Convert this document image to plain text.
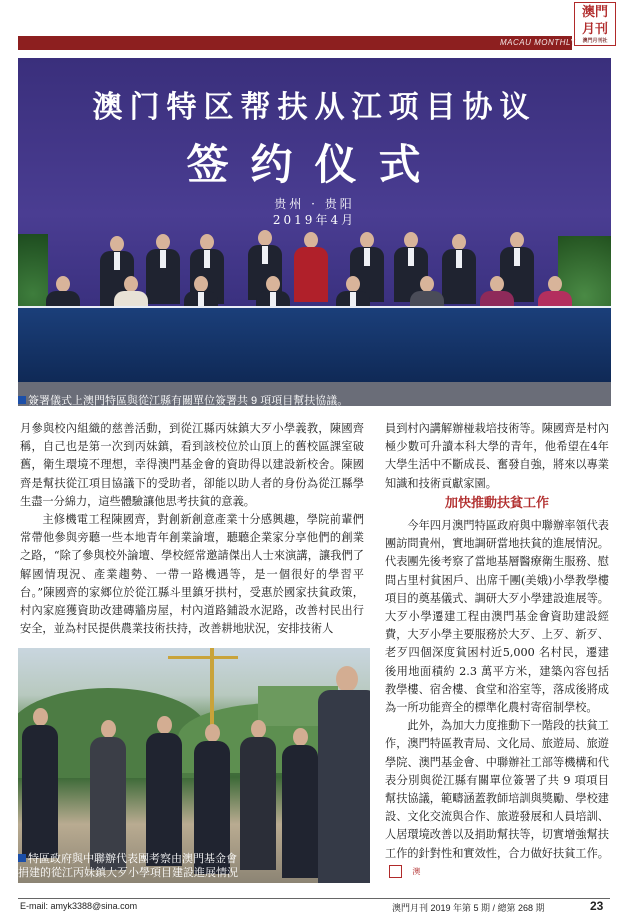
MACAU MONTHLY
澳門
月刊
澳門月刊社
澳门特区帮扶从江项目协议
签约仪式
贵州 · 贵阳
2019年4月
簽署儀式上澳門特區與從江縣有關單位簽署共 9 項項目幫扶協議。

月參與校內組織的慈善活動，到從江縣丙妹鎮大歹小學義教，陳國齊稱，自己也是第一次到丙妹鎮，看到該校位於山頂上的舊校區課室破舊，衛生環境不理想，幸得澳門基金會的資助得以建設新校舍。陳國齊是幫扶從江項目協議下的受助者，卻能以助人者的身份為從江縣學生盡一分綿力，這些體驗讓他思考扶貧的意義。

主修機電工程陳國齊，對創新創意產業十分感興趣，學院前輩們常帶他參與旁聽一些本地青年創業論壇，聽聽企業家分享他們的創業之路，“除了參與校外論壇、學校經常邀請傑出人士來演講，讓我們了解國情現況、產業趨勢、一帶一路機遇等，是一個很好的學習平台。”陳國齊的家鄉位於從江縣斗里鎮牙拱村，受惠於國家扶貧政策，村內家庭獲資助改建磚牆房屋，村內道路鋪設水泥路，改善村民出行安全，並為村民提供農業技術扶持，改善耕地狀況，安排技術人

員到村內講解辦椪栽培技術等。陳國齊是村內極少數可升讀本科大學的青年，他希望在4年大學生活中不斷成長、奮發自強，將來以專業知識和技術貢獻家園。

加快推動扶貧工作

今年四月澳門特區政府與中聯辦率領代表團訪問貴州，實地調研當地扶貧的進展情況。代表團先後考察了當地基層醫療衛生服務、慰問占里村貧困戶、出席千團(美娥)小學教學樓項目的奠基儀式、調研大歹小學建設進展等。大歹小學遷建工程由澳門基金會資助建設經費，大歹小學主要服務於大歹、上歹、新歹、老歹四個深度貧困村近5,000 名村民，遷建後用地面積約 2.3 萬平方米，建築內容包括教學樓、宿舍樓、食堂和浴室等，落成後將成為一所功能齊全的標準化農村寄宿制學校。

此外，為加大力度推動下一階段的扶貧工作，澳門特區教青局、文化局、旅遊局、旅遊學院、澳門基金會、中聯辦社工部等機構和代表分別與從江縣有關單位簽署了共 9 項項目幫扶協議，範疇涵蓋教師培訓與獎勵、學校建設、文化交流與合作、旅遊發展和人員培訓、人居環境改善以及捐助幫扶等，切實增強幫扶工作的針對性和實效性，合力做好扶貧工作。澳

特區政府與中聯辦代表團考察由澳門基金會
捐建的從江丙妹鎮大歹小學項目建設進展情況
E-mail: amyk3388@sina.com	澳門月刊 2019 年第 5 期 / 總第 268 期	23
